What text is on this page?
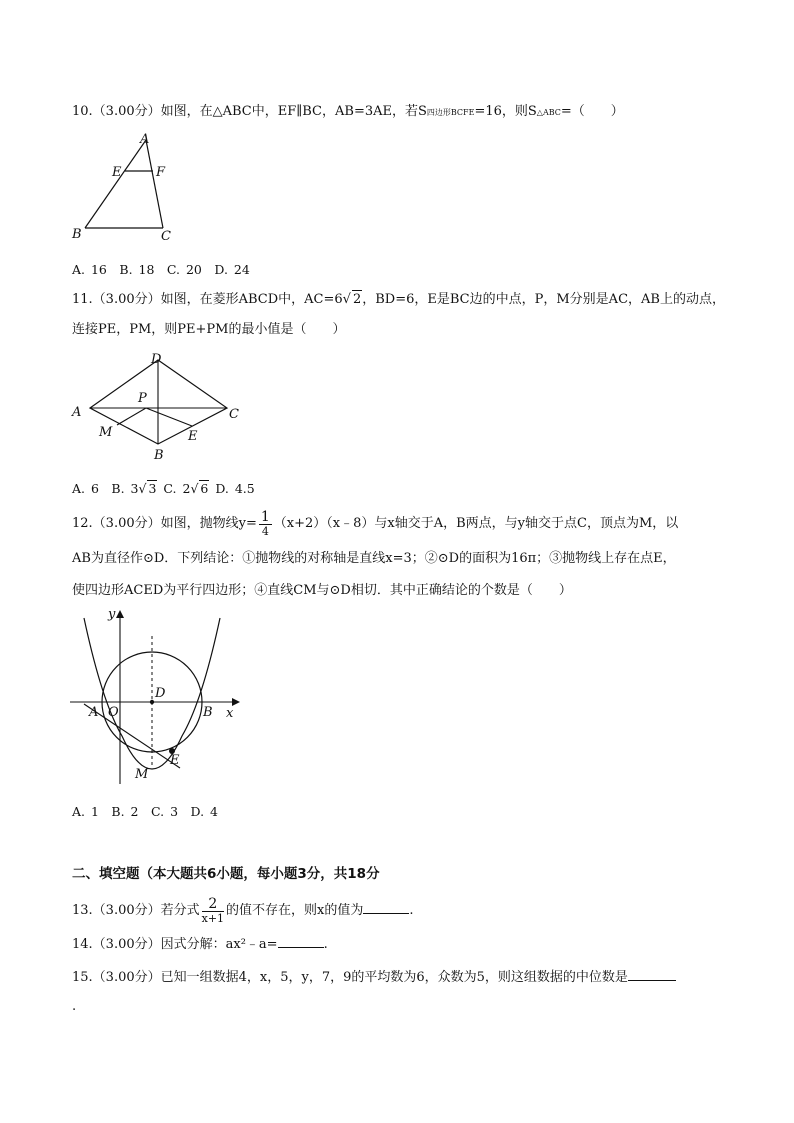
10.（3.00分）如图，在△ABC中，EF∥BC，AB=3AE，若S四边形BCFE=16，则S△ABC=（　　）
A
E	F
B	C
A. 16　B. 18　C. 20　D. 24
11.（3.00分）如图，在菱形ABCD中，AC=6√ 2，BD=6，E是BC边的中点，P，M分别是AC，AB上的动点，
连接PE，PM，则PE+PM的最小值是（　　）
D
A	C
P
M	E
B
A. 6　B. 3√ 3 C. 2√ 6 D. 4.5
12.（3.00分）如图，抛物线$y= \frac{1}{4}$ （x+2）（x﹣8）与x轴交于A，B两点，与y轴交于点C，顶点为M，以
AB为直径作⊙D．下列结论：①抛物线的对称轴是直线x=3；②⊙D的面积为16π；③抛物线上存在点E，
使四边形ACED为平行四边形；④直线CM与⊙D相切．其中正确结论的个数是（　　）
y
x
A O
D
B
M
E
A. 1　B. 2　C. 3　D. 4
二、填空题（本大题共6小题，每小题3分，共18分
13.（3.00分）若分式 $\frac{2}{x+1}$ 的值不存在，则x的值为	.
14.（3.00分）因式分解：ax²﹣a=	.
15.（3.00分）已知一组数据4，x，5，y，7，9的平均数为6，众数为5，则这组数据的中位数是
.
